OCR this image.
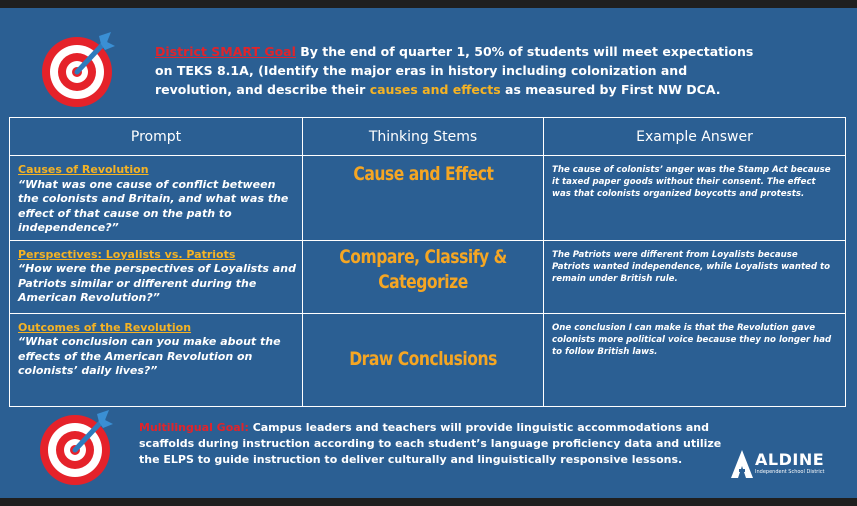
District SMART Goal By the end of quarter 1, 50% of students will meet expectations on TEKS 8.1A, (Identify the major eras in history including colonization and revolution, and describe their causes and effects as measured by First NW DCA.
Prompt	Thinking Stems	Example Answer

Causes of Revolution
“What was one cause of conflict between the colonists and Britain, and what was the effect of that cause on the path to independence?”	Cause and Effect	The cause of colonists’ anger was the Stamp Act because it taxed paper goods without their consent. The effect was that colonists organized boycotts and protests.

Perspectives: Loyalists vs. Patriots
“How were the perspectives of Loyalists and Patriots similar or different during the American Revolution?”	Compare, Classify & Categorize	The Patriots were different from Loyalists because Patriots wanted independence, while Loyalists wanted to remain under British rule.

Outcomes of the Revolution
“What conclusion can you make about the effects of the American Revolution on colonists’ daily lives?”	Draw Conclusions	One conclusion I can make is that the Revolution gave colonists more political voice because they no longer had to follow British laws.
Multilingual Goal: Campus leaders and teachers will provide linguistic accommodations and scaffolds during instruction according to each student’s language proficiency data and utilize the ELPS to guide instruction to deliver culturally and linguistically responsive lessons.	ALDINE
Independent School District
